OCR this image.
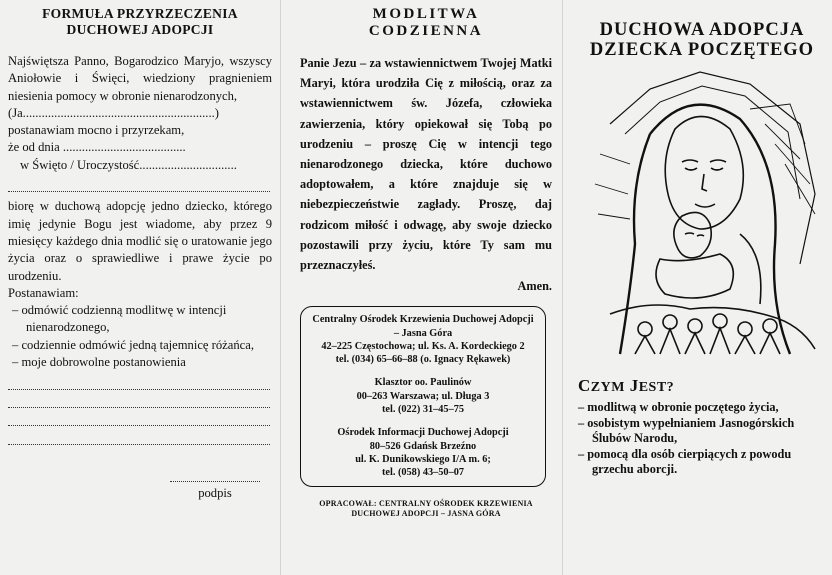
FORMUŁA PRZYRZECZENIA
DUCHOWEJ ADOPCJI
Najświętsza Panno, Bogarodzico Maryjo, wszyscy Aniołowie i Święci, wiedziony pragnieniem niesienia pomocy w obronie nienarodzonych,
(Ja.............................................................)
postanawiam mocno i przyrzekam,
że od dnia .......................................
w Święto / Uroczystość...............................
biorę w duchową adopcję jedno dziecko, którego imię jedynie Bogu jest wiadome, aby przez 9 miesięcy każdego dnia modlić się o uratowanie jego życia oraz o sprawiedliwe i prawe życie po urodzeniu.
Postanawiam:
– odmówić codzienną modlitwę w intencji nienarodzonego,
– codziennie odmówić jedną tajemnicę różańca,
– moje dobrowolne postanowienia
podpis
MODLITWA
CODZIENNA
Panie Jezu – za wstawiennictwem Twojej Matki Maryi, która urodziła Cię z miłością, oraz za wstawiennictwem św. Józefa, człowieka zawierzenia, który opiekował się Tobą po urodzeniu – proszę Cię w intencji tego nienarodzonego dziecka, które duchowo adoptowałem, a które znajduje się w niebezpieczeństwie zagłady. Proszę, daj rodzicom miłość i odwagę, aby swoje dziecko pozostawili przy życiu, które Ty sam mu przeznaczyłeś.
Amen.
Centralny Ośrodek Krzewienia Duchowej Adopcji – Jasna Góra
42–225 Częstochowa; ul. Ks. A. Kordeckiego 2
tel. (034) 65–66–88 (o. Ignacy Rękawek)
Klasztor oo. Paulinów
00–263 Warszawa; ul. Długa 3
tel. (022) 31–45–75
Ośrodek Informacji Duchowej Adopcji
80–526 Gdańsk Brzeźno
ul. K. Dunikowskiego I/A m. 6;
tel. (058) 43–50–07
OPRACOWAŁ: CENTRALNY OŚRODEK KRZEWIENIA
DUCHOWEJ ADOPCJI – JASNA GÓRA
DUCHOWA ADOPCJA
DZIECKA POCZĘTEGO
CZYM JEST?
– modlitwą w obronie poczętego życia,
– osobistym wypełnianiem Jasnogórskich Ślubów Narodu,
– pomocą dla osób cierpiących z powodu grzechu aborcji.
